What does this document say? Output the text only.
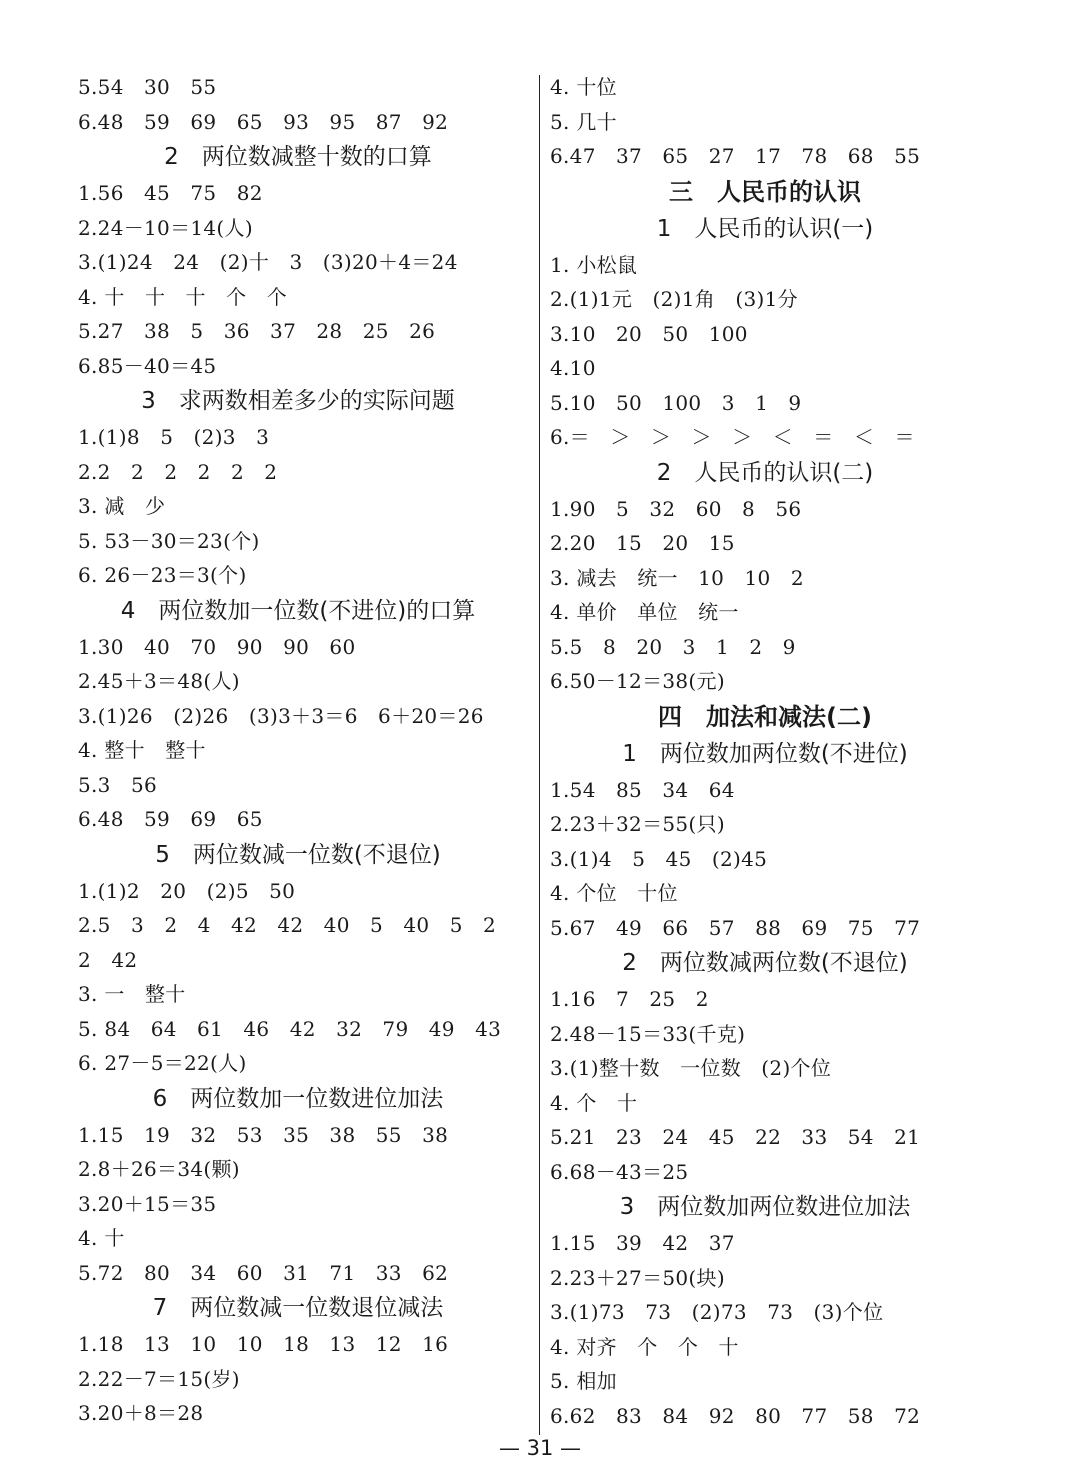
5.54　30　55
6.48　59　69　65　93　95　87　92
2　两位数减整十数的口算
1.56　45　75　82
2.24－10＝14(人)
3.(1)24　24　(2)十　3　(3)20＋4＝24
4. 十　十　十　个　个
5.27　38　5　36　37　28　25　26
6.85－40＝45
3　求两数相差多少的实际问题
1.(1)8　5　(2)3　3
2.2　2　2　2　2　2
3. 减　少
5. 53－30＝23(个)
6. 26－23＝3(个)
4　两位数加一位数(不进位)的口算
1.30　40　70　90　90　60
2.45＋3＝48(人)
3.(1)26　(2)26　(3)3＋3＝6　6＋20＝26
4. 整十　整十
5.3　56
6.48　59　69　65
5　两位数减一位数(不退位)
1.(1)2　20　(2)5　50
2.5　3　2　4　42　42　40　5　40　5　2
2　42
3. 一　整十
5. 84　64　61　46　42　32　79　49　43
6. 27－5＝22(人)
6　两位数加一位数进位加法
1.15　19　32　53　35　38　55　38
2.8＋26＝34(颗)
3.20＋15＝35
4. 十
5.72　80　34　60　31　71　33　62
7　两位数减一位数退位减法
1.18　13　10　10　18　13　12　16
2.22－7＝15(岁)
3.20＋8＝28
4. 十位
5. 几十
6.47　37　65　27　17　78　68　55
三　人民币的认识
1　人民币的认识(一)
1. 小松鼠
2.(1)1元　(2)1角　(3)1分
3.10　20　50　100
4.10
5.10　50　100　3　1　9
6.＝　＞　＞　＞　＞　＜　＝　＜　＝
2　人民币的认识(二)
1.90　5　32　60　8　56
2.20　15　20　15
3. 减去　统一　10　10　2
4. 单价　单位　统一
5.5　8　20　3　1　2　9
6.50－12＝38(元)
四　加法和减法(二)
1　两位数加两位数(不进位)
1.54　85　34　64
2.23＋32＝55(只)
3.(1)4　5　45　(2)45
4. 个位　十位
5.67　49　66　57　88　69　75　77
2　两位数减两位数(不退位)
1.16　7　25　2
2.48－15＝33(千克)
3.(1)整十数　一位数　(2)个位
4. 个　十
5.21　23　24　45　22　33　54　21
6.68－43＝25
3　两位数加两位数进位加法
1.15　39　42　37
2.23＋27＝50(块)
3.(1)73　73　(2)73　73　(3)个位
4. 对齐　个　个　十
5. 相加
6.62　83　84　92　80　77　58　72
— 31 —
